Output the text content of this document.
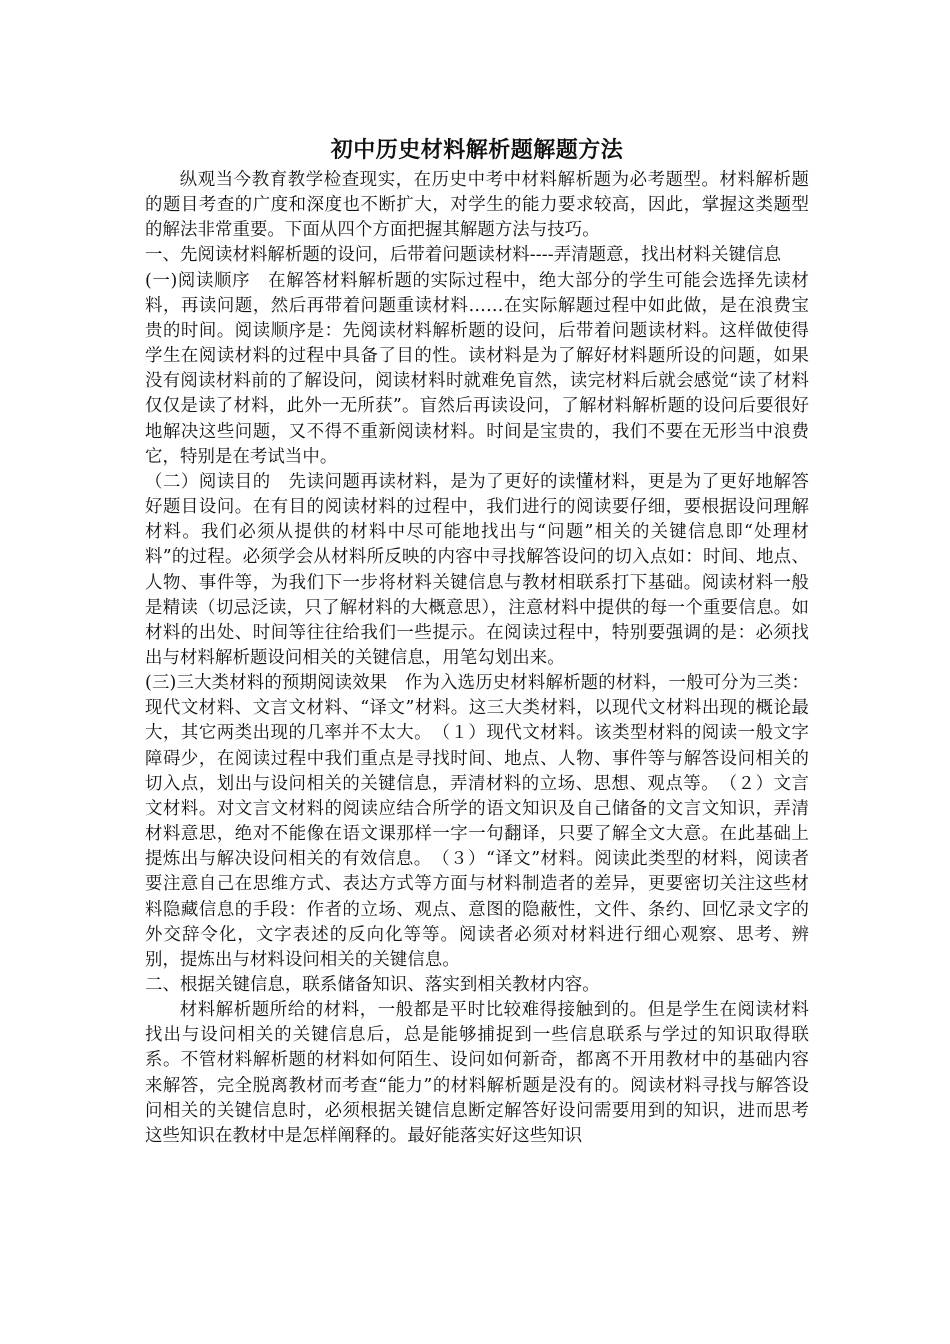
初中历史材料解析题解题方法

纵观当今教育教学检查现实，在历史中考中材料解析题为必考题型。材料解析题的题目考查的广度和深度也不断扩大，对学生的能力要求较高，因此，掌握这类题型的解法非常重要。下面从四个方面把握其解题方法与技巧。

一、先阅读材料解析题的设问，后带着问题读材料----弄清题意，找出材料关键信息

(一)阅读顺序　在解答材料解析题的实际过程中，绝大部分的学生可能会选择先读材料，再读问题，然后再带着问题重读材料……在实际解题过程中如此做，是在浪费宝贵的时间。阅读顺序是：先阅读材料解析题的设问，后带着问题读材料。这样做使得学生在阅读材料的过程中具备了目的性。读材料是为了解好材料题所设的问题，如果没有阅读材料前的了解设问，阅读材料时就难免盲然，读完材料后就会感觉“读了材料仅仅是读了材料，此外一无所获”。盲然后再读设问，了解材料解析题的设问后要很好地解决这些问题，又不得不重新阅读材料。时间是宝贵的，我们不要在无形当中浪费它，特别是在考试当中。

（二）阅读目的　先读问题再读材料，是为了更好的读懂材料，更是为了更好地解答好题目设问。在有目的阅读材料的过程中，我们进行的阅读要仔细，要根据设问理解材料。我们必须从提供的材料中尽可能地找出与“问题”相关的关键信息即“处理材料”的过程。必须学会从材料所反映的内容中寻找解答设问的切入点如：时间、地点、人物、事件等，为我们下一步将材料关键信息与教材相联系打下基础。阅读材料一般是精读（切忌泛读，只了解材料的大概意思），注意材料中提供的每一个重要信息。如材料的出处、时间等往往给我们一些提示。在阅读过程中，特别要强调的是：必须找出与材料解析题设问相关的关键信息，用笔勾划出来。

(三)三大类材料的预期阅读效果　作为入选历史材料解析题的材料，一般可分为三类：现代文材料、文言文材料、“译文”材料。这三大类材料，以现代文材料出现的概论最大，其它两类出现的几率并不太大。　（１）现代文材料。该类型材料的阅读一般文字障碍少，在阅读过程中我们重点是寻找时间、地点、人物、事件等与解答设问相关的切入点，划出与设问相关的关键信息，弄清材料的立场、思想、观点等。　（２）文言文材料。对文言文材料的阅读应结合所学的语文知识及自己储备的文言文知识，弄清材料意思，绝对不能像在语文课那样一字一句翻译，只要了解全文大意。在此基础上提炼出与解决设问相关的有效信息。　（３）“译文”材料。阅读此类型的材料，阅读者要注意自己在思维方式、表达方式等方面与材料制造者的差异，更要密切关注这些材料隐藏信息的手段：作者的立场、观点、意图的隐蔽性，文件、条约、回忆录文字的外交辞令化，文字表述的反向化等等。阅读者必须对材料进行细心观察、思考、辨别，提炼出与材料设问相关的关键信息。

二、根据关键信息，联系储备知识、落实到相关教材内容。

材料解析题所给的材料，一般都是平时比较难得接触到的。但是学生在阅读材料找出与设问相关的关键信息后，总是能够捕捉到一些信息联系与学过的知识取得联系。不管材料解析题的材料如何陌生、设问如何新奇，都离不开用教材中的基础内容来解答，完全脱离教材而考查“能力”的材料解析题是没有的。阅读材料寻找与解答设问相关的关键信息时，必须根据关键信息断定解答好设问需要用到的知识，进而思考这些知识在教材中是怎样阐释的。最好能落实好这些知识
